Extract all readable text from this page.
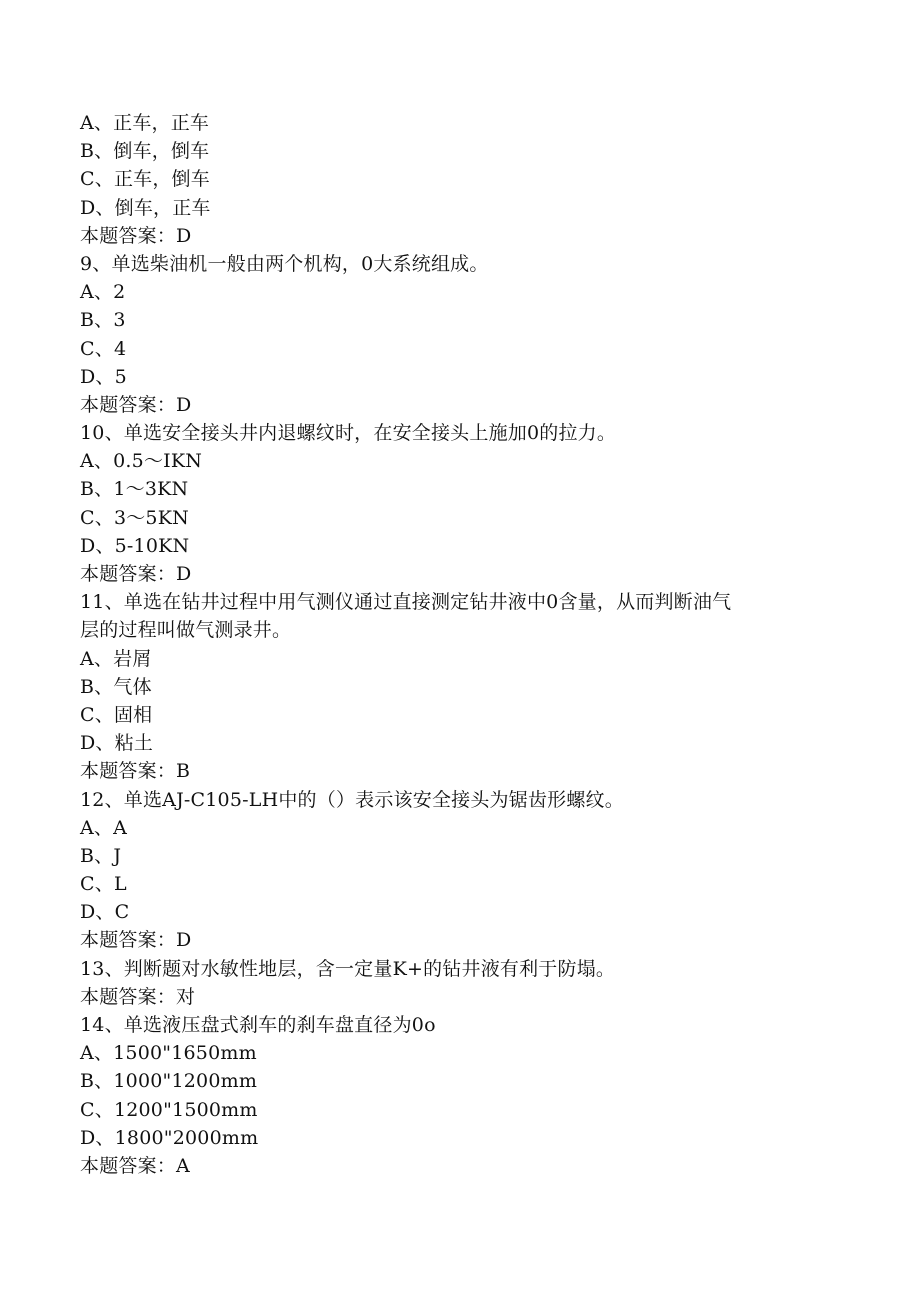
A、正车，正车
B、倒车，倒车
C、正车，倒车
D、倒车，正车
本题答案：D
9、单选柴油机一般由两个机构，0大系统组成。
A、2
B、3
C、4
D、5
本题答案：D
10、单选安全接头井内退螺纹时，在安全接头上施加0的拉力。
A、0.5～IKN
B、1～3KN
C、3～5KN
D、5-10KN
本题答案：D
11、单选在钻井过程中用气测仪通过直接测定钻井液中0含量，从而判断油气
层的过程叫做气测录井。
A、岩屑
B、气体
C、固相
D、粘土
本题答案：B
12、单选AJ-C105-LH中的（）表示该安全接头为锯齿形螺纹。
A、A
B、J
C、L
D、C
本题答案：D
13、判断题对水敏性地层，含一定量K+的钻井液有利于防塌。
本题答案：对
14、单选液压盘式刹车的刹车盘直径为0o
A、1500"1650mm
B、1000"1200mm
C、1200"1500mm
D、1800"2000mm
本题答案：A
